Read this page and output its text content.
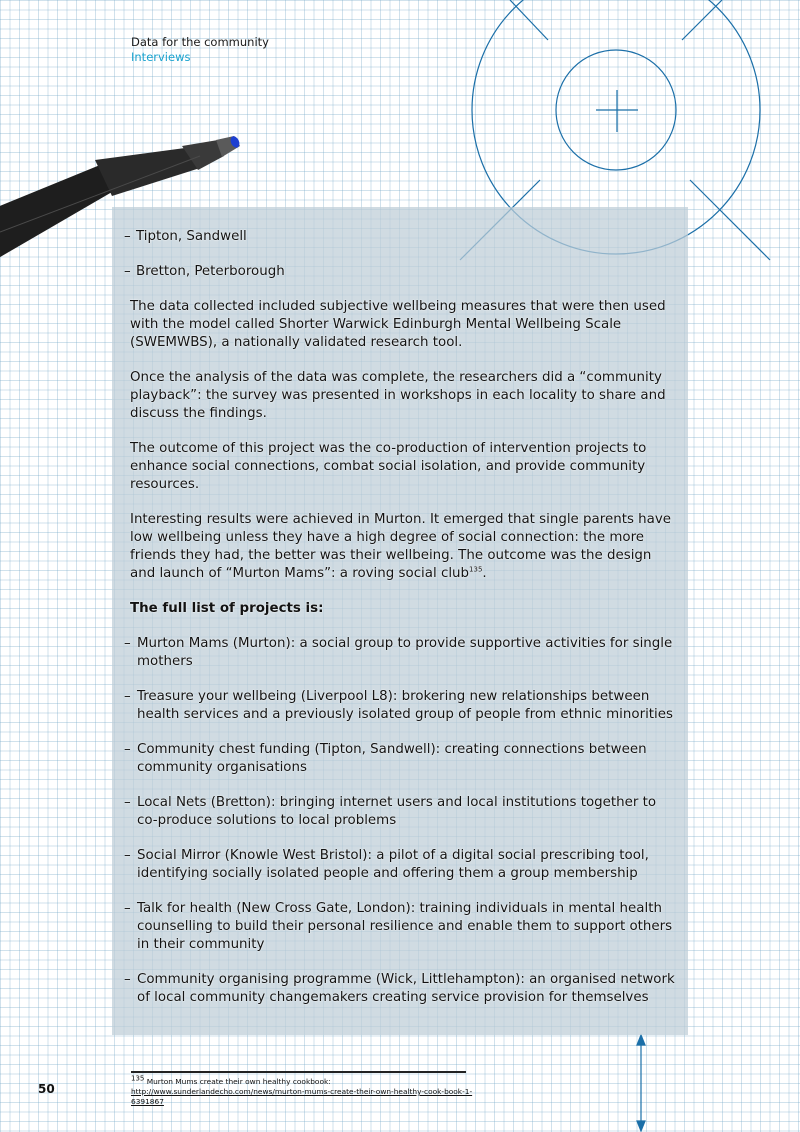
Data for the community
Interviews

– Tipton, Sandwell

– Bretton, Peterborough

The data collected included subjective wellbeing measures that were then used with the model called Shorter Warwick Edinburgh Mental Wellbeing Scale (SWEMWBS), a nationally validated research tool.

Once the analysis of the data was complete, the researchers did a “community playback”: the survey was presented in workshops in each locality to share and discuss the findings.

The outcome of this project was the co-production of intervention projects to enhance social connections, combat social isolation, and provide community resources.

Interesting results were achieved in Murton. It emerged that single parents have low wellbeing unless they have a high degree of social connection: the more friends they had, the better was their wellbeing. The outcome was the design and launch of “Murton Mams”: a roving social club$^{135}$.

The full list of projects is:

– Murton Mams (Murton): a social group to provide supportive activities for single mothers

– Treasure your wellbeing (Liverpool L8): brokering new relationships between health services and a previously isolated group of people from ethnic minorities

– Community chest funding (Tipton, Sandwell): creating connections between community organisations

– Local Nets (Bretton): bringing internet users and local institutions together to co-produce solutions to local problems

– Social Mirror (Knowle West Bristol): a pilot of a digital social prescribing tool, identifying socially isolated people and offering them a group membership

– Talk for health (New Cross Gate, London): training individuals in mental health counselling to build their personal resilience and enable them to support others in their community

– Community organising programme (Wick, Littlehampton): an organised network of local community changemakers creating service provision for themselves

$^{135}$ Murton Mums create their own healthy cookbook: http://www.sunderlandecho.com/news/murton-mums-create-their-own-healthy-cook-book-1-6391867
50
